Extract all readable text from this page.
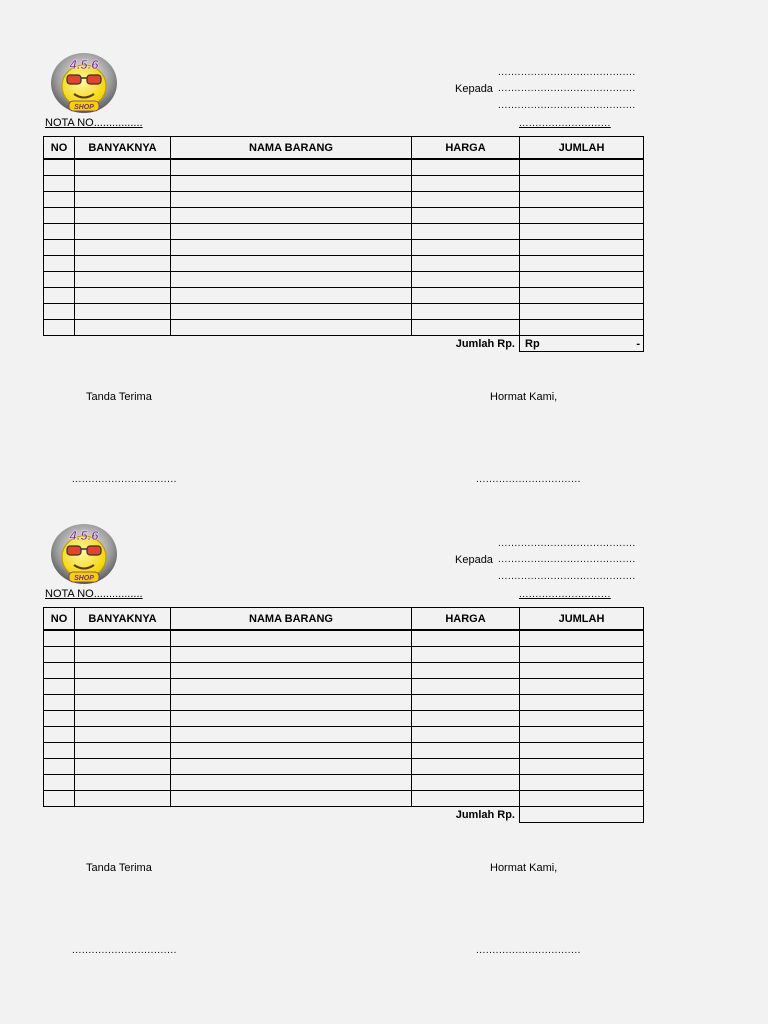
4.5.6
SHOP
..........................................
Kepada ..........................................
..........................................
............................
NOTA NO................
NO	BANYAKNYA	NAMA BARANG	HARGA	JUMLAH

Jumlah Rp.				Rp -
Tanda Terima	Hormat Kami,
................................	................................
4.5.6
SHOP
..........................................
Kepada ..........................................
..........................................
............................
NOTA NO................
NO	BANYAKNYA	NAMA BARANG	HARGA	JUMLAH

Jumlah Rp.				
Tanda Terima	Hormat Kami,
................................	................................
